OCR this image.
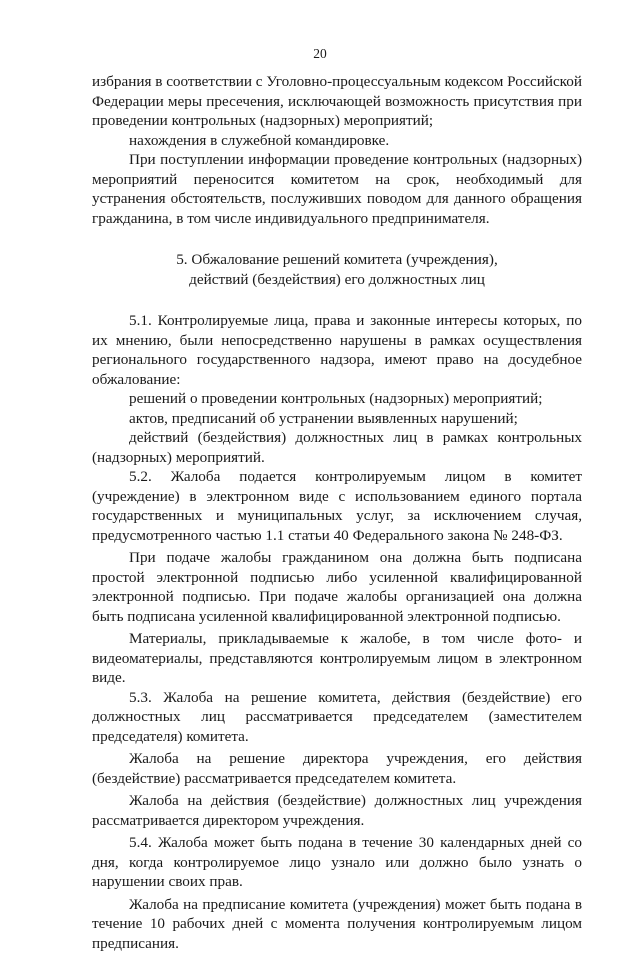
20

избрания в соответствии с Уголовно-процессуальным кодексом Российской Федерации меры пресечения, исключающей возможность присутствия при проведении контрольных (надзорных) мероприятий;

нахождения в служебной командировке.

При поступлении информации проведение контрольных (надзорных) мероприятий переносится комитетом на срок, необходимый для устранения обстоятельств, послуживших поводом для данного обращения гражданина, в том числе индивидуального предпринимателя.

5. Обжалование решений комитета (учреждения),
действий (бездействия) его должностных лиц

5.1. Контролируемые лица, права и законные интересы которых, по их мнению, были непосредственно нарушены в рамках осуществления регионального государственного надзора, имеют право на досудебное обжалование:

решений о проведении контрольных (надзорных) мероприятий;

актов, предписаний об устранении выявленных нарушений;

действий (бездействия) должностных лиц в рамках контрольных (надзорных) мероприятий.

5.2. Жалоба подается контролируемым лицом в комитет (учреждение) в электронном виде с использованием единого портала государственных и муниципальных услуг, за исключением случая, предусмотренного частью 1.1 статьи 40 Федерального закона № 248-ФЗ.

При подаче жалобы гражданином она должна быть подписана простой электронной подписью либо усиленной квалифицированной электронной подписью. При подаче жалобы организацией она должна быть подписана усиленной квалифицированной электронной подписью.

Материалы, прикладываемые к жалобе, в том числе фото- и видеоматериалы, представляются контролируемым лицом в электронном виде.

5.3. Жалоба на решение комитета, действия (бездействие) его должностных лиц рассматривается председателем (заместителем председателя) комитета.

Жалоба на решение директора учреждения, его действия (бездействие) рассматривается председателем комитета.

Жалоба на действия (бездействие) должностных лиц учреждения рассматривается директором учреждения.

5.4. Жалоба может быть подана в течение 30 календарных дней со дня, когда контролируемое лицо узнало или должно было узнать о нарушении своих прав.

Жалоба на предписание комитета (учреждения) может быть подана в течение 10 рабочих дней с момента получения контролируемым лицом предписания.
